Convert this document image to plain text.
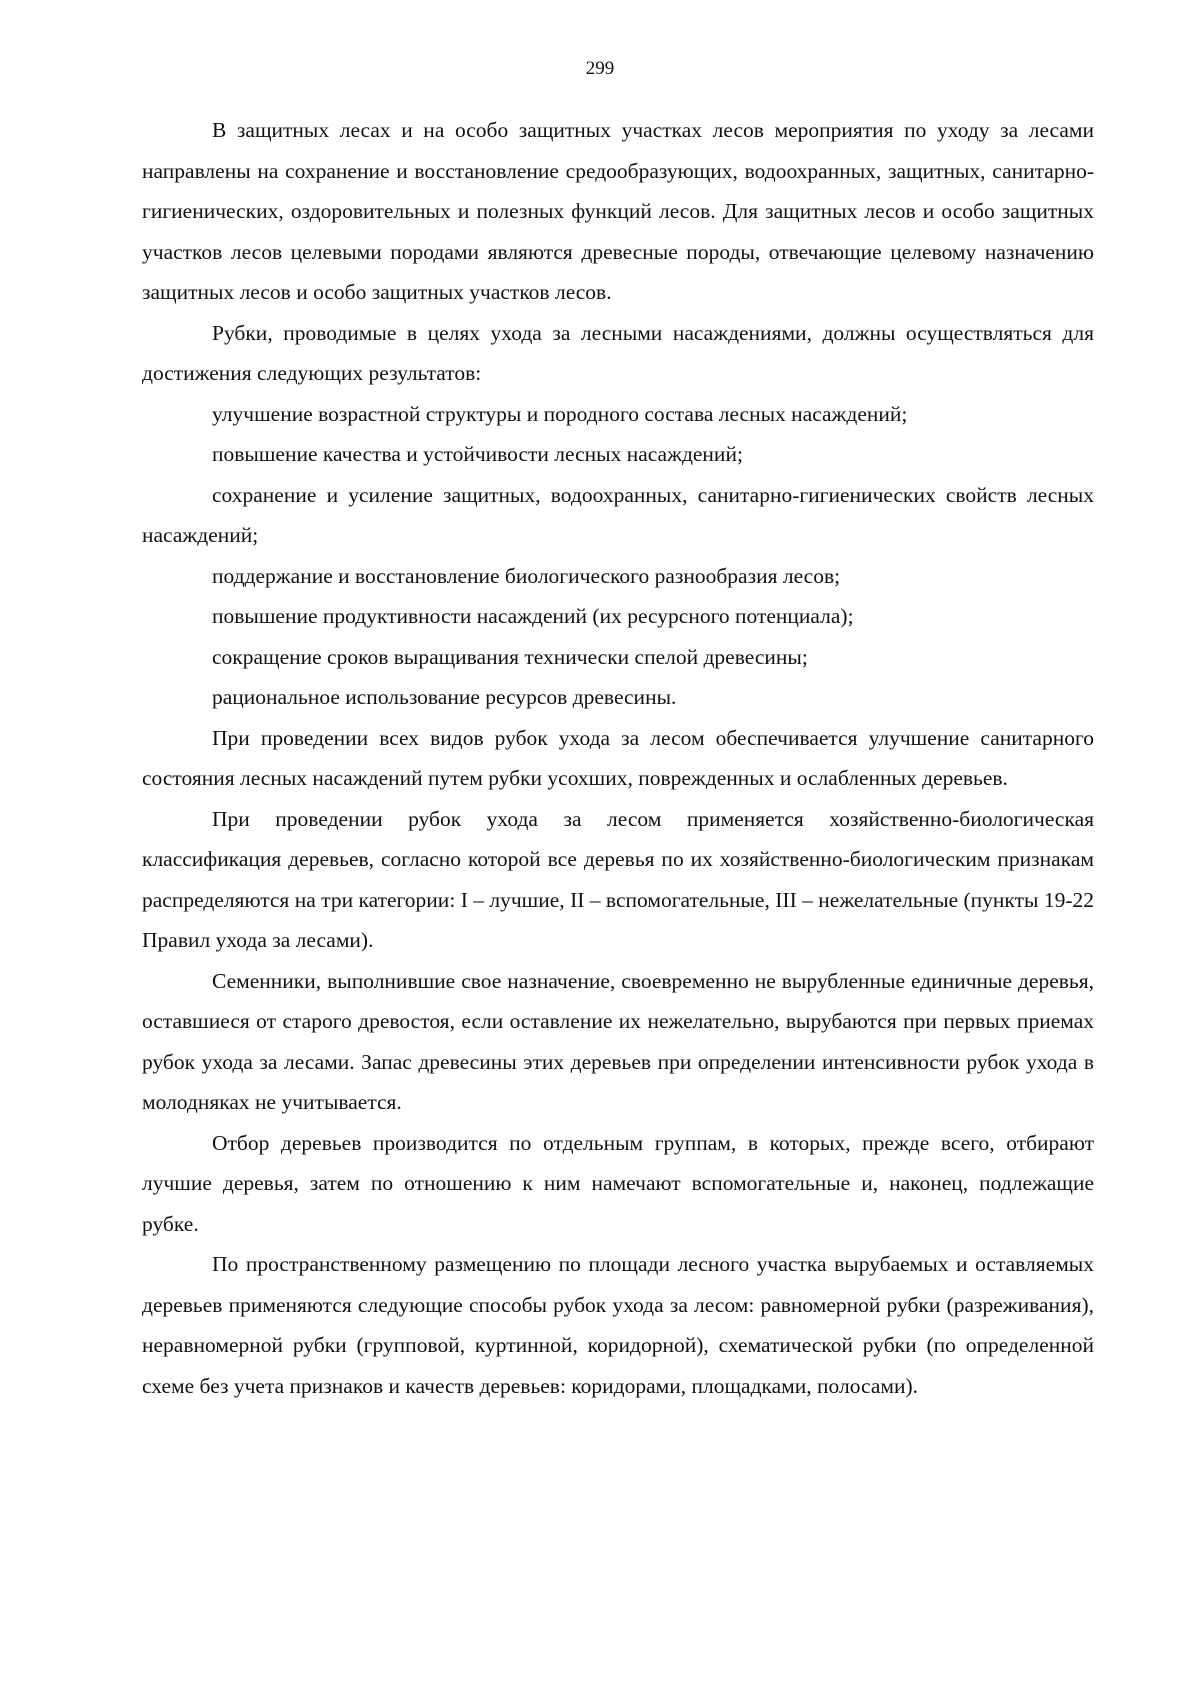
299

В защитных лесах и на особо защитных участках лесов мероприятия по уходу за лесами направлены на сохранение и восстановление средообразующих, водоохранных, защитных, санитарно-гигиенических, оздоровительных и полезных функций лесов. Для защитных лесов и особо защитных участков лесов целевыми породами являются древесные породы, отвечающие целевому назначению защитных лесов и особо защитных участков лесов.

Рубки, проводимые в целях ухода за лесными насаждениями, должны осуществляться для достижения следующих результатов:

улучшение возрастной структуры и породного состава лесных насаждений;

повышение качества и устойчивости лесных насаждений;

сохранение и усиление защитных, водоохранных, санитарно-гигиенических свойств лесных насаждений;

поддержание и восстановление биологического разнообразия лесов;

повышение продуктивности насаждений (их ресурсного потенциала);

сокращение сроков выращивания технически спелой древесины;

рациональное использование ресурсов древесины.

При проведении всех видов рубок ухода за лесом обеспечивается улучшение санитарного состояния лесных насаждений путем рубки усохших, поврежденных и ослабленных деревьев.

При проведении рубок ухода за лесом применяется хозяйственно-биологическая классификация деревьев, согласно которой все деревья по их хозяйственно-биологическим признакам распределяются на три категории: I – лучшие, II – вспомогательные, III – нежелательные (пункты 19-22 Правил ухода за лесами).

Семенники, выполнившие свое назначение, своевременно не вырубленные единичные деревья, оставшиеся от старого древостоя, если оставление их нежелательно, вырубаются при первых приемах рубок ухода за лесами. Запас древесины этих деревьев при определении интенсивности рубок ухода в молодняках не учитывается.

Отбор деревьев производится по отдельным группам, в которых, прежде всего, отбирают лучшие деревья, затем по отношению к ним намечают вспомогательные и, наконец, подлежащие рубке.

По пространственному размещению по площади лесного участка вырубаемых и оставляемых деревьев применяются следующие способы рубок ухода за лесом: равномерной рубки (разреживания), неравномерной рубки (групповой, куртинной, коридорной), схематической рубки (по определенной схеме без учета признаков и качеств деревьев: коридорами, площадками, полосами).
